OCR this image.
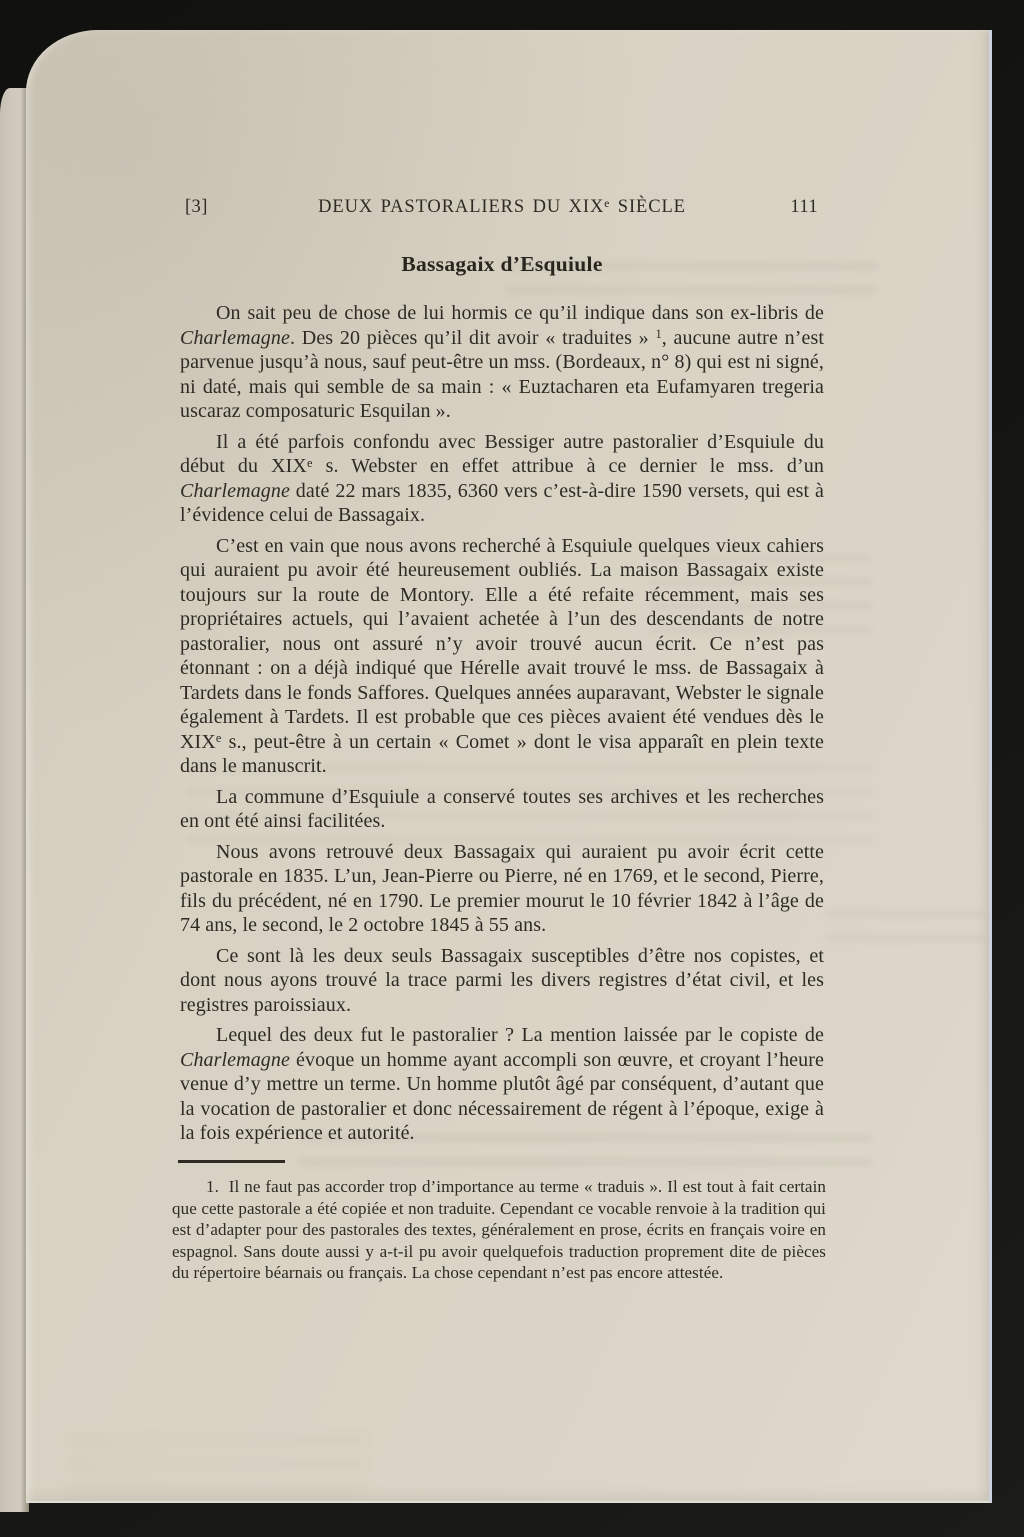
[3]	DEUX PASTORALIERS DU XIXe SIÈCLE	111
Bassagaix d’Esquiule

On sait peu de chose de lui hormis ce qu’il indique dans son ex-libris de Charlemagne. Des 20 pièces qu’il dit avoir « traduites » $^1$, aucune autre n’est parvenue jusqu’à nous, sauf peut-être un mss. (Bordeaux, n° 8) qui est ni signé, ni daté, mais qui semble de sa main : « Euztacharen eta Eufamyaren tregeria uscaraz composaturic Esquilan ».

Il a été parfois confondu avec Bessiger autre pastoralier d’Esquiule du début du XIXe s. Webster en effet attribue à ce dernier le mss. d’un Charlemagne daté 22 mars 1835, 6360 vers c’est-à-dire 1590 versets, qui est à l’évidence celui de Bassagaix.

C’est en vain que nous avons recherché à Esquiule quelques vieux cahiers qui auraient pu avoir été heureusement oubliés. La maison Bassagaix existe toujours sur la route de Montory. Elle a été refaite récemment, mais ses propriétaires actuels, qui l’avaient achetée à l’un des descendants de notre pastoralier, nous ont assuré n’y avoir trouvé aucun écrit. Ce n’est pas étonnant : on a déjà indiqué que Hérelle avait trouvé le mss. de Bassagaix à Tardets dans le fonds Saffores. Quelques années auparavant, Webster le signale également à Tardets. Il est probable que ces pièces avaient été vendues dès le XIXe s., peut-être à un certain « Comet » dont le visa apparaît en plein texte dans le manuscrit.

La commune d’Esquiule a conservé toutes ses archives et les recherches en ont été ainsi facilitées.

Nous avons retrouvé deux Bassagaix qui auraient pu avoir écrit cette pastorale en 1835. L’un, Jean-Pierre ou Pierre, né en 1769, et le second, Pierre, fils du précédent, né en 1790. Le premier mourut le 10 février 1842 à l’âge de 74 ans, le second, le 2 octobre 1845 à 55 ans.

Ce sont là les deux seuls Bassagaix susceptibles d’être nos copistes, et dont nous ayons trouvé la trace parmi les divers registres d’état civil, et les registres paroissiaux.

Lequel des deux fut le pastoralier ? La mention laissée par le copiste de Charlemagne évoque un homme ayant accompli son œuvre, et croyant l’heure venue d’y mettre un terme. Un homme plutôt âgé par conséquent, d’autant que la vocation de pastoralier et donc nécessairement de régent à l’époque, exige à la fois expérience et autorité.

1.  Il ne faut pas accorder trop d’importance au terme « traduis ». Il est tout à fait certain que cette pastorale a été copiée et non traduite. Cependant ce vocable renvoie à la tradition qui est d’adapter pour des pastorales des textes, généralement en prose, écrits en français voire en espagnol. Sans doute aussi y a-t-il pu avoir quelquefois traduction proprement dite de pièces du répertoire béarnais ou français. La chose cependant n’est pas encore attestée.
